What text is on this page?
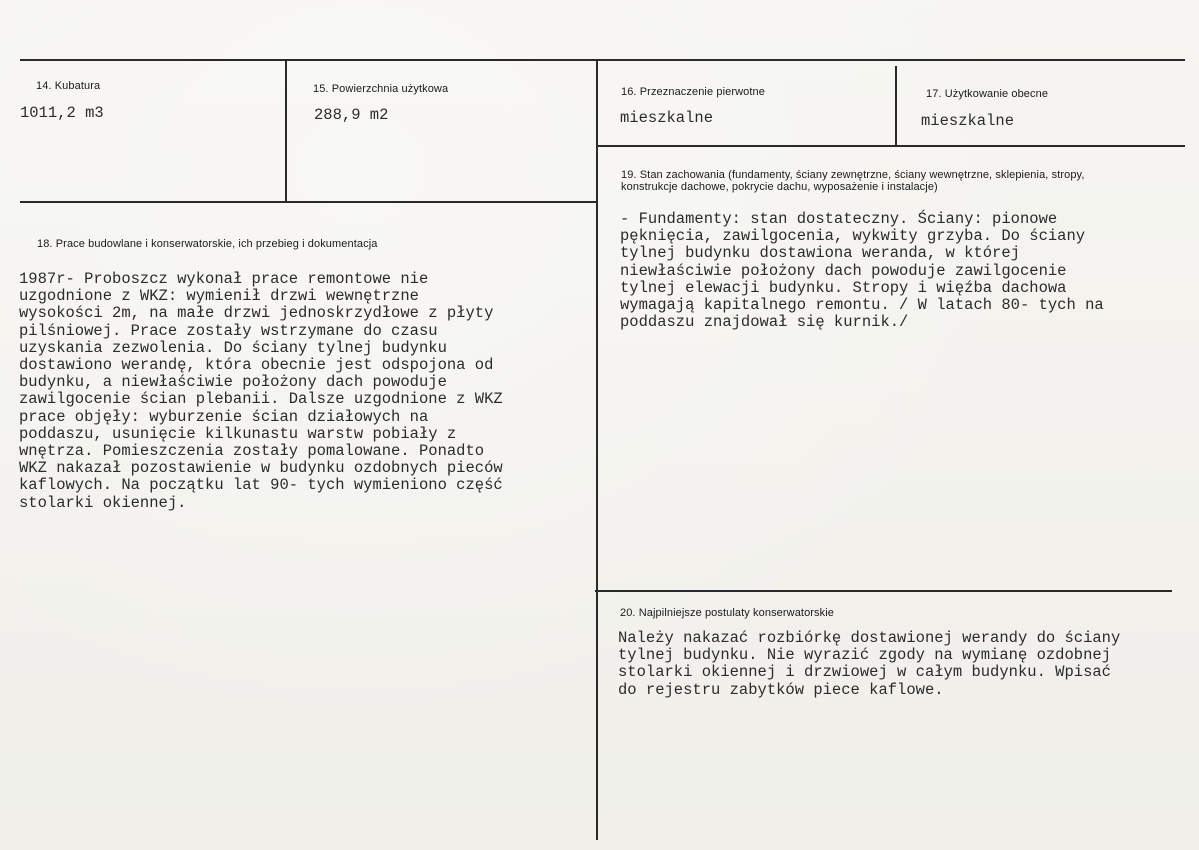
14. Kubatura
1011,2 m3
15. Powierzchnia użytkowa
288,9 m2
16. Przeznaczenie pierwotne
mieszkalne
17. Użytkowanie obecne
mieszkalne
18. Prace budowlane i konserwatorskie, ich przebieg i dokumentacja
1987r- Proboszcz wykonał prace remontowe nie
uzgodnione z WKZ: wymienił drzwi wewnętrzne
wysokości 2m, na małe drzwi jednoskrzydłowe z płyty
pilśniowej. Prace zostały wstrzymane do czasu
uzyskania zezwolenia. Do ściany tylnej budynku
dostawiono werandę, która obecnie jest odspojona od
budynku, a niewłaściwie położony dach powoduje
zawilgocenie ścian plebanii. Dalsze uzgodnione z WKZ
prace objęły: wyburzenie ścian działowych na
poddaszu, usunięcie kilkunastu warstw pobiały z
wnętrza. Pomieszczenia zostały pomalowane. Ponadto
WKZ nakazał pozostawienie w budynku ozdobnych pieców
kaflowych. Na początku lat 90- tych wymieniono część
stolarki okiennej.
19. Stan zachowania (fundamenty, ściany zewnętrzne, ściany wewnętrzne, sklepienia, stropy,
konstrukcje dachowe, pokrycie dachu, wyposażenie i instalacje)
- Fundamenty: stan dostateczny. Ściany: pionowe
pęknięcia, zawilgocenia, wykwity grzyba. Do ściany
tylnej budynku dostawiona weranda, w której
niewłaściwie położony dach powoduje zawilgocenie
tylnej elewacji budynku. Stropy i więźba dachowa
wymagają kapitalnego remontu. / W latach 80- tych na
poddaszu znajdował się kurnik./
20. Najpilniejsze postulaty konserwatorskie
Należy nakazać rozbiórkę dostawionej werandy do ściany
tylnej budynku. Nie wyrazić zgody na wymianę ozdobnej
stolarki okiennej i drzwiowej w całym budynku. Wpisać
do rejestru zabytków piece kaflowe.
